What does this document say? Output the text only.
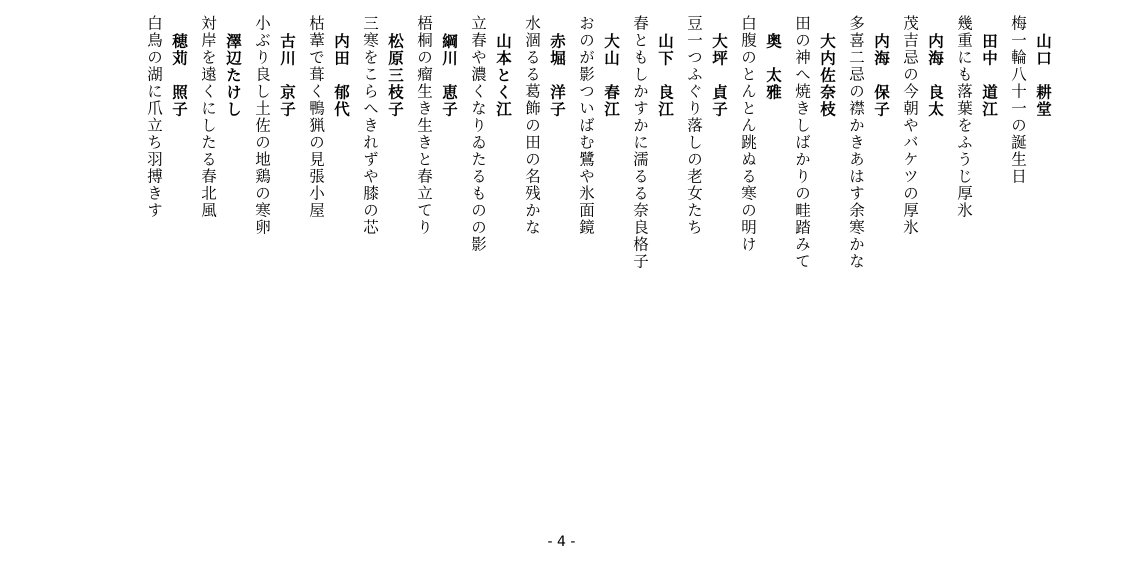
山口　耕堂
梅一輪八十一の誕生日
田中　道江
幾重にも落葉をふうじ厚氷
内海　良太
茂吉忌の今朝やバケツの厚氷
内海　保子
多喜二忌の襟かきあはす余寒かな
大内佐奈枝
田の神へ焼きしばかりの畦踏みて
奥　太雅
白腹のとんとん跳ぬる寒の明け
大坪　貞子
豆一つふぐり落しの老女たち
山下　良江
春ともしかすかに濡るる奈良格子
大山　春江
おのが影ついばむ鷺や氷面鏡
赤堀　洋子
水涸るる葛飾の田の名残かな
山本とく江
立春や濃くなりゐたるものの影
綱川　恵子
梧桐の瘤生き生きと春立てり
松原三枝子
三寒をこらへきれずや膝の芯
内田　郁代
枯葦で葺く鴨猟の見張小屋
古川　京子
小ぶり良し土佐の地鶏の寒卵
澤辺たけし
対岸を遠くにしたる春北風
穂苅　照子
白鳥の湖に爪立ち羽搏きす
- 4 -
